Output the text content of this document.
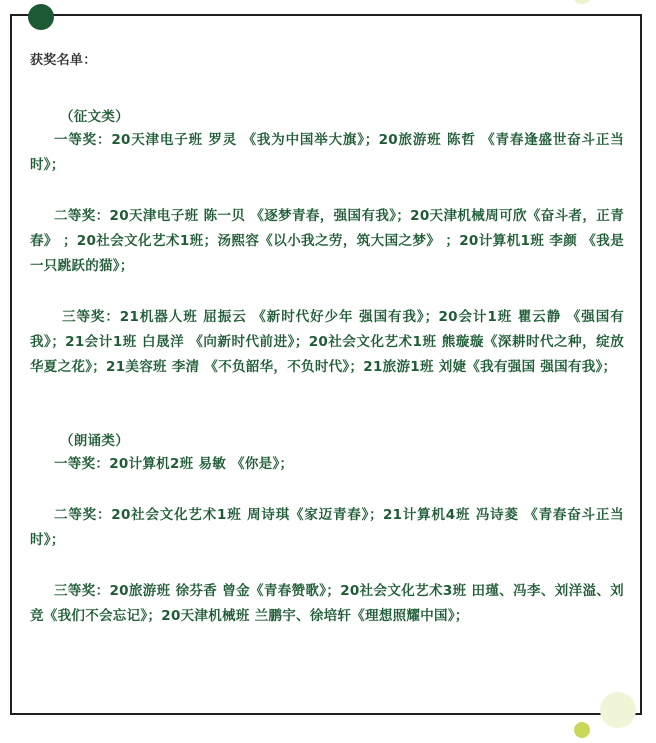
获奖名单：

（征文类）

一等奖：20天津电子班 罗灵 《我为中国举大旗》；20旅游班 陈哲 《青春逢盛世奋斗正当时》；

二等奖：20天津电子班 陈一贝 《逐梦青春，强国有我》；20天津机械周可欣《奋斗者，正青春》 ；20社会文化艺术1班；汤熙容《以小我之劳，筑大国之梦》 ；20计算机1班 李颜 《我是一只跳跃的猫》；

三等奖：21机器人班 屈振云 《新时代好少年 强国有我》；20会计1班 瞿云静 《强国有我》；21会计1班 白晟洋 《向新时代前进》；20社会文化艺术1班 熊璇璇《深耕时代之种，绽放华夏之花》；21美容班 李清 《不负韶华，不负时代》；21旅游1班 刘婕《我有强国 强国有我》；

（朗诵类）

一等奖：20计算机2班 易敏 《你是》；

二等奖：20社会文化艺术1班 周诗琪《家迈青春》；21计算机4班 冯诗菱 《青春奋斗正当时》；

三等奖：20旅游班 徐芬香 曾金《青春赞歌》；20社会文化艺术3班 田瑾、冯李、刘洋溢、刘竞《我们不会忘记》；20天津机械班 兰鹏宇、徐培轩《理想照耀中国》；
